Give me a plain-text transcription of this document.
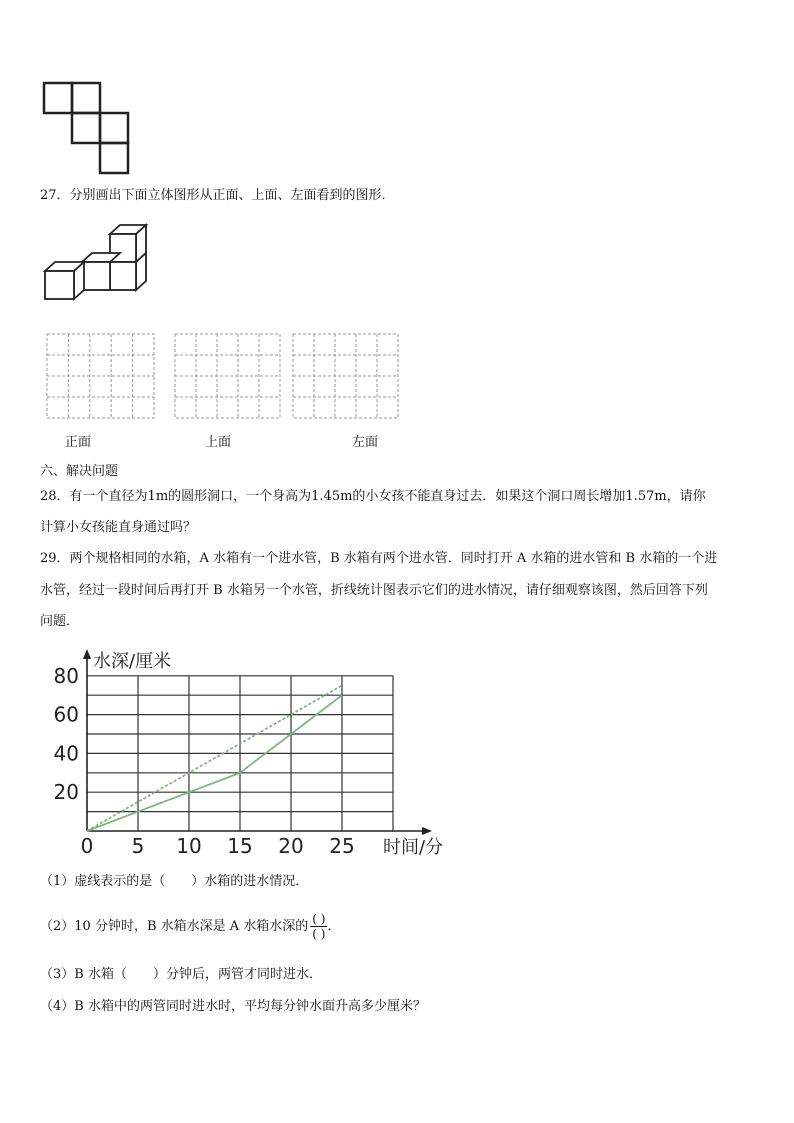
27．分别画出下面立体图形从正面、上面、左面看到的图形．
正面	上面	左面
六、解决问题
28．有一个直径为1m的圆形洞口，一个身高为1.45m的小女孩不能直身过去．如果这个洞口周长增加1.57m，请你
计算小女孩能直身通过吗？
29．两个规格相同的水箱，A 水箱有一个进水管，B 水箱有两个进水管．同时打开 A 水箱的进水管和 B 水箱的一个进
水管，经过一段时间后再打开 B 水箱另一个水管，折线统计图表示它们的进水情况，请仔细观察该图，然后回答下列
问题．
0 5 10 15 20 25
20
40
60
80
水深/厘米
时间/分
（1）虚线表示的是（　　）水箱的进水情况．
（2）10 分钟时，B 水箱水深是 A 水箱水深的 $\frac{( )}{( )}$ ．
（3）B 水箱（　　）分钟后，两管才同时进水．
（4）B 水箱中的两管同时进水时，平均每分钟水面升高多少厘米？
